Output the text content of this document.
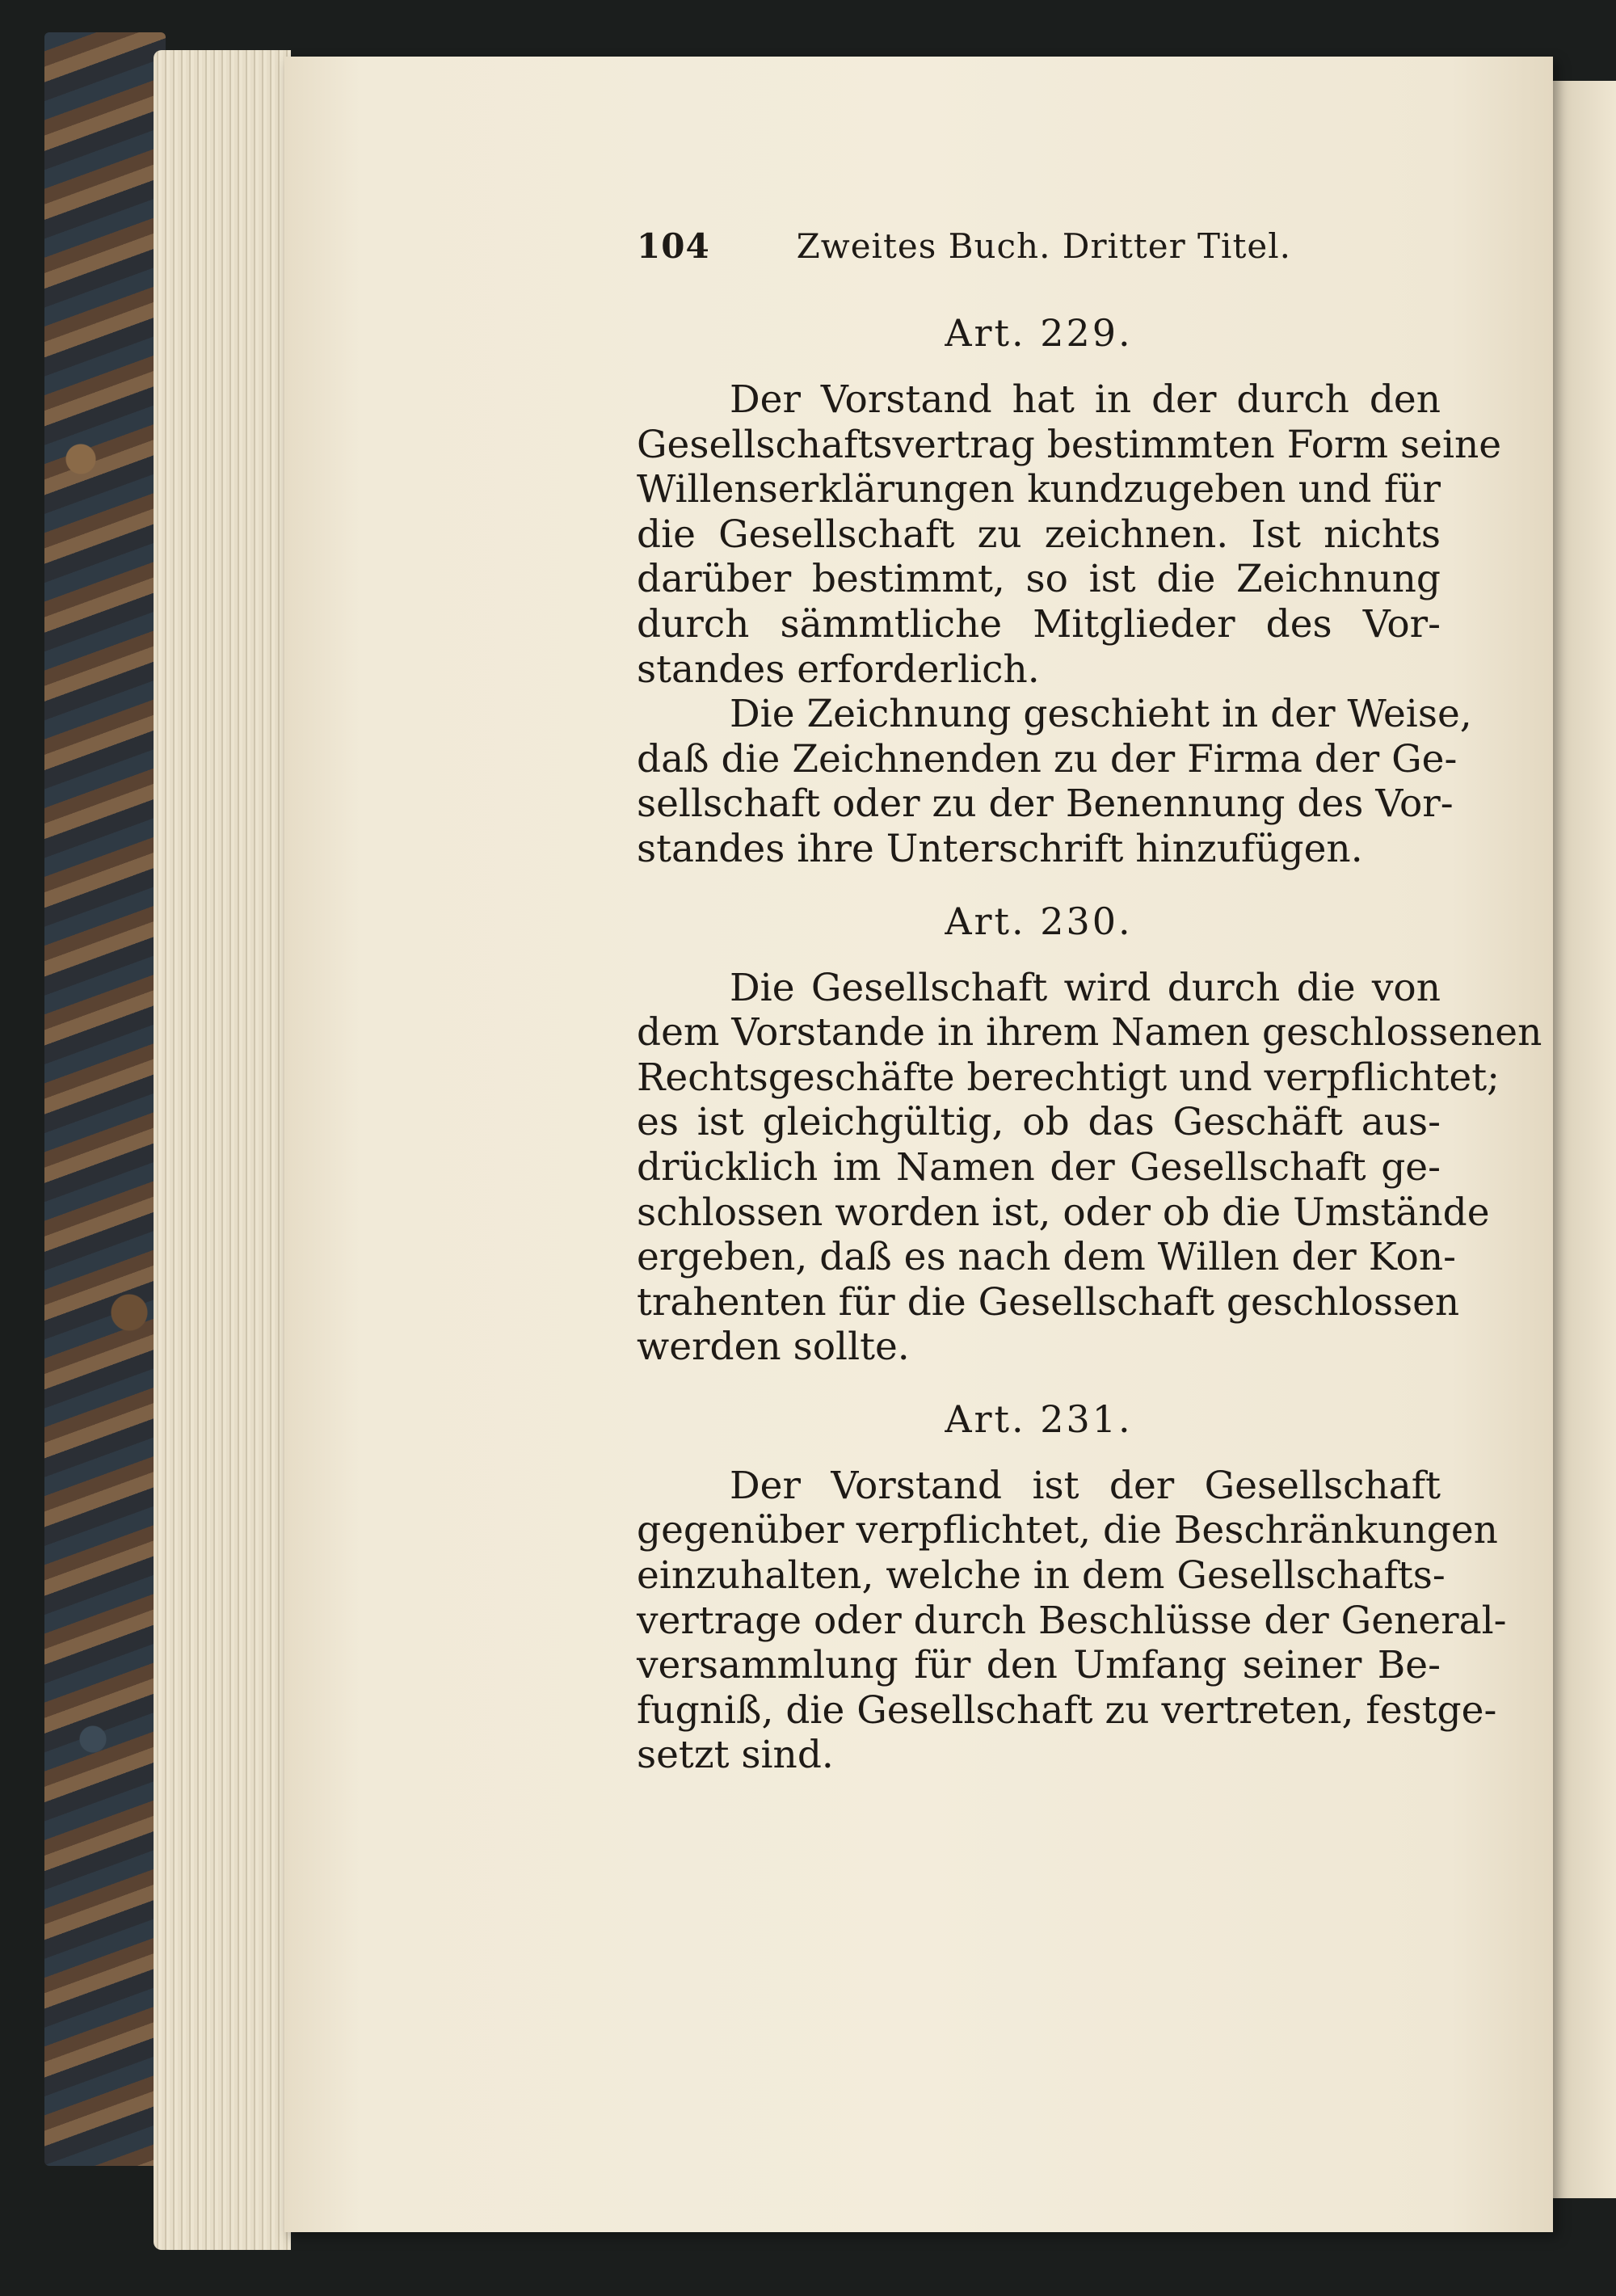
104	Zweites Buch. Dritter Titel.
Art. 229.
Der Vorstand hat in der durch den
Gesellschaftsvertrag bestimmten Form seine
Willenserklärungen kundzugeben und für
die Gesellschaft zu zeichnen. Ist nichts
darüber bestimmt, so ist die Zeichnung
durch sämmtliche Mitglieder des Vor-
standes erforderlich.
Die Zeichnung geschieht in der Weise,
daß die Zeichnenden zu der Firma der Ge-
sellschaft oder zu der Benennung des Vor-
standes ihre Unterschrift hinzufügen.
Art. 230.
Die Gesellschaft wird durch die von
dem Vorstande in ihrem Namen geschlossenen
Rechtsgeschäfte berechtigt und verpflichtet;
es ist gleichgültig, ob das Geschäft aus-
drücklich im Namen der Gesellschaft ge-
schlossen worden ist, oder ob die Umstände
ergeben, daß es nach dem Willen der Kon-
trahenten für die Gesellschaft geschlossen
werden sollte.
Art. 231.
Der Vorstand ist der Gesellschaft
gegenüber verpflichtet, die Beschränkungen
einzuhalten, welche in dem Gesellschafts-
vertrage oder durch Beschlüsse der General-
versammlung für den Umfang seiner Be-
fugniß, die Gesellschaft zu vertreten, festge-
setzt sind.
